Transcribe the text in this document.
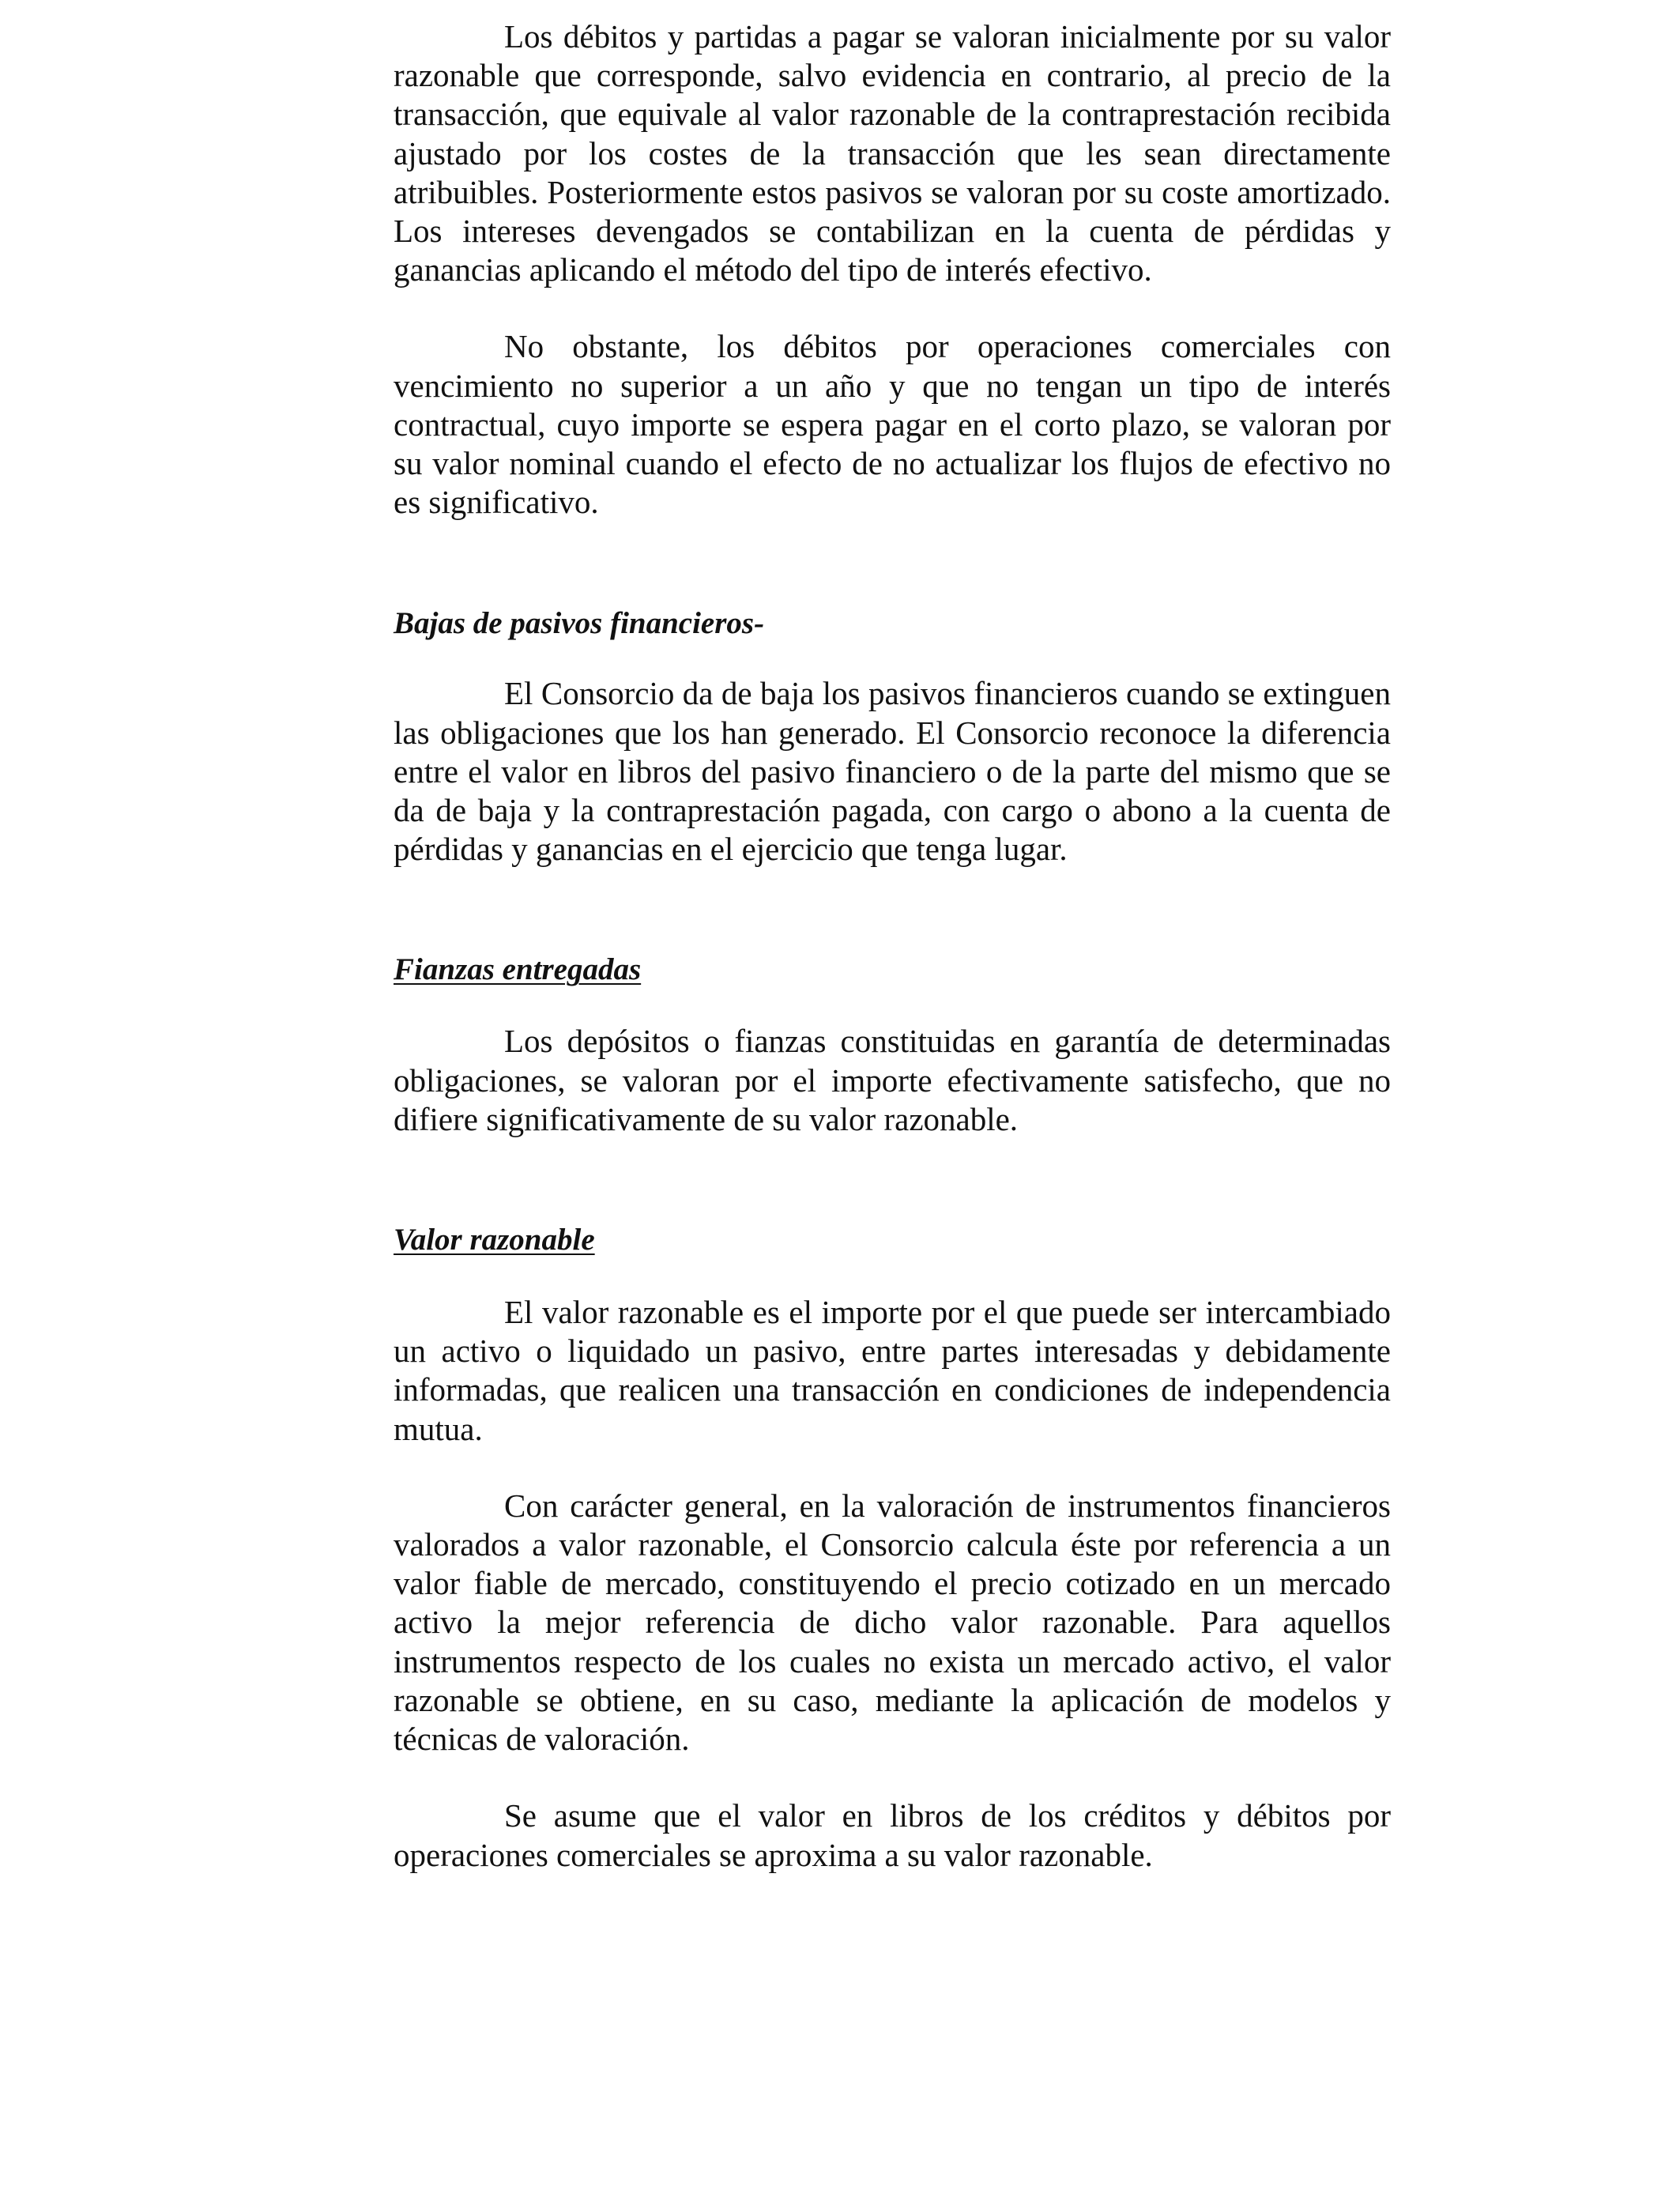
Los débitos y partidas a pagar se valoran inicialmente por su valor razonable que corresponde, salvo evidencia en contrario, al precio de la transacción, que equivale al valor razonable de la contraprestación recibida ajustado por los costes de la transacción que les sean directamente atribuibles. Posteriormente estos pasivos se valoran por su coste amortizado. Los intereses devengados se contabilizan en la cuenta de pérdidas y ganancias aplicando el método del tipo de interés efectivo.

No obstante, los débitos por operaciones comerciales con vencimiento no superior a un año y que no tengan un tipo de interés contractual, cuyo importe se espera pagar en el corto plazo, se valoran por su valor nominal cuando el efecto de no actualizar los flujos de efectivo no es significativo.

Bajas de pasivos financieros-

El Consorcio da de baja los pasivos financieros cuando se extinguen las obligaciones que los han generado. El Consorcio reconoce la diferencia entre el valor en libros del pasivo financiero o de la parte del mismo que se da de baja y la contraprestación pagada, con cargo o abono a la cuenta de pérdidas y ganancias en el ejercicio que tenga lugar.

Fianzas entregadas

Los depósitos o fianzas constituidas en garantía de determinadas obligaciones, se valoran por el importe efectivamente satisfecho, que no difiere significativamente de su valor razonable.

Valor razonable

El valor razonable es el importe por el que puede ser intercambiado un activo o liquidado un pasivo, entre partes interesadas y debidamente informadas, que realicen una transacción en condiciones de independencia mutua.

Con carácter general, en la valoración de instrumentos financieros valorados a valor razonable, el Consorcio calcula éste por referencia a un valor fiable de mercado, constituyendo el precio cotizado en un mercado activo la mejor referencia de dicho valor razonable. Para aquellos instrumentos respecto de los cuales no exista un mercado activo, el valor razonable se obtiene, en su caso, mediante la aplicación de modelos y técnicas de valoración.

Se asume que el valor en libros de los créditos y débitos por operaciones comerciales se aproxima a su valor razonable.
